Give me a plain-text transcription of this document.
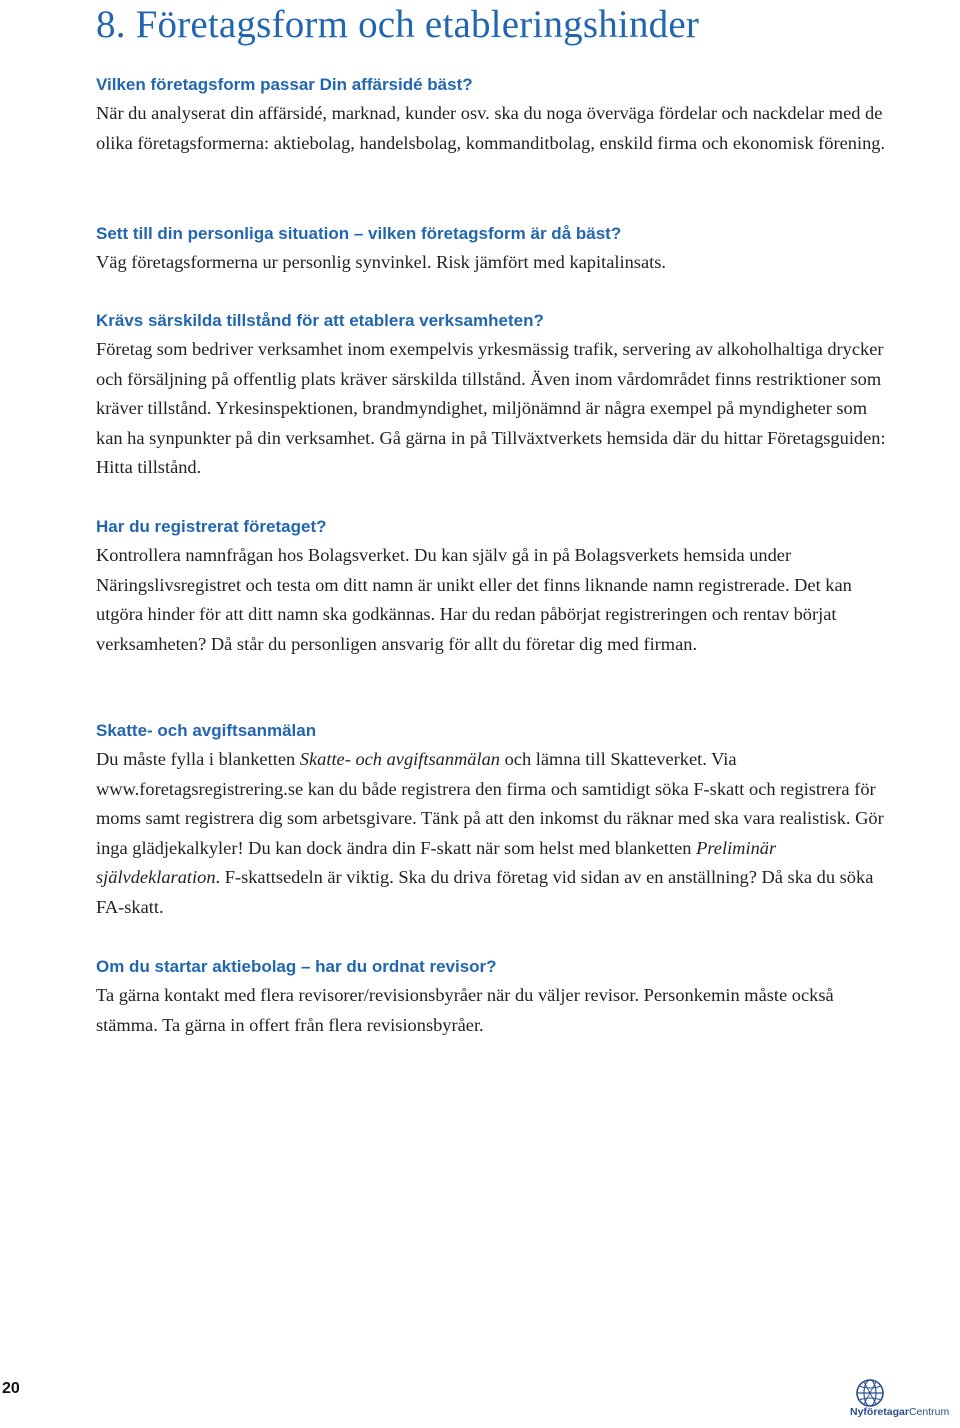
8. Företagsform och etableringshinder
Vilken företagsform passar Din affärsidé bäst?

När du analyserat din affärsidé, marknad, kunder osv. ska du noga överväga fördelar och nackdelar med de olika företagsformerna: aktiebolag, handelsbolag, kommanditbolag, enskild firma och ekonomisk förening.

Sett till din personliga situation – vilken företagsform är då bäst?

Väg företagsformerna ur personlig synvinkel. Risk jämfört med kapitalinsats.

Krävs särskilda tillstånd för att etablera verksamheten?

Företag som bedriver verksamhet inom exempelvis yrkesmässig trafik, servering av alkoholhaltiga drycker och försäljning på offentlig plats kräver särskilda tillstånd. Även inom vårdområdet finns restriktioner som kräver tillstånd. Yrkesinspektionen, brandmyndighet, miljönämnd är några exempel på myndigheter som kan ha synpunkter på din verksamhet. Gå gärna in på Tillväxtverkets hemsida där du hittar Företagsguiden: Hitta tillstånd.

Har du registrerat företaget?

Kontrollera namnfrågan hos Bolagsverket. Du kan själv gå in på Bolagsverkets hemsida under Näringslivsregistret och testa om ditt namn är unikt eller det finns liknande namn registrerade. Det kan utgöra hinder för att ditt namn ska godkännas. Har du redan påbörjat registreringen och rentav börjat verksamheten? Då står du personligen ansvarig för allt du företar dig med firman.

Skatte- och avgiftsanmälan

Du måste fylla i blanketten Skatte- och avgiftsanmälan och lämna till Skatteverket. Via www.foretagsregistrering.se kan du både registrera den firma och samtidigt söka F-skatt och registrera för moms samt registrera dig som arbetsgivare. Tänk på att den inkomst du räknar med ska vara realistisk. Gör inga glädjekalkyler! Du kan dock ändra din F-skatt när som helst med blanketten Preliminär självdeklaration. F-skattsedeln är viktig. Ska du driva företag vid sidan av en anställning? Då ska du söka FA-skatt.

Om du startar aktiebolag – har du ordnat revisor?

Ta gärna kontakt med flera revisorer/revisionsbyråer när du väljer revisor. Personkemin måste också stämma. Ta gärna in offert från flera revisionsbyråer.

20
NyföretagarCentrum
